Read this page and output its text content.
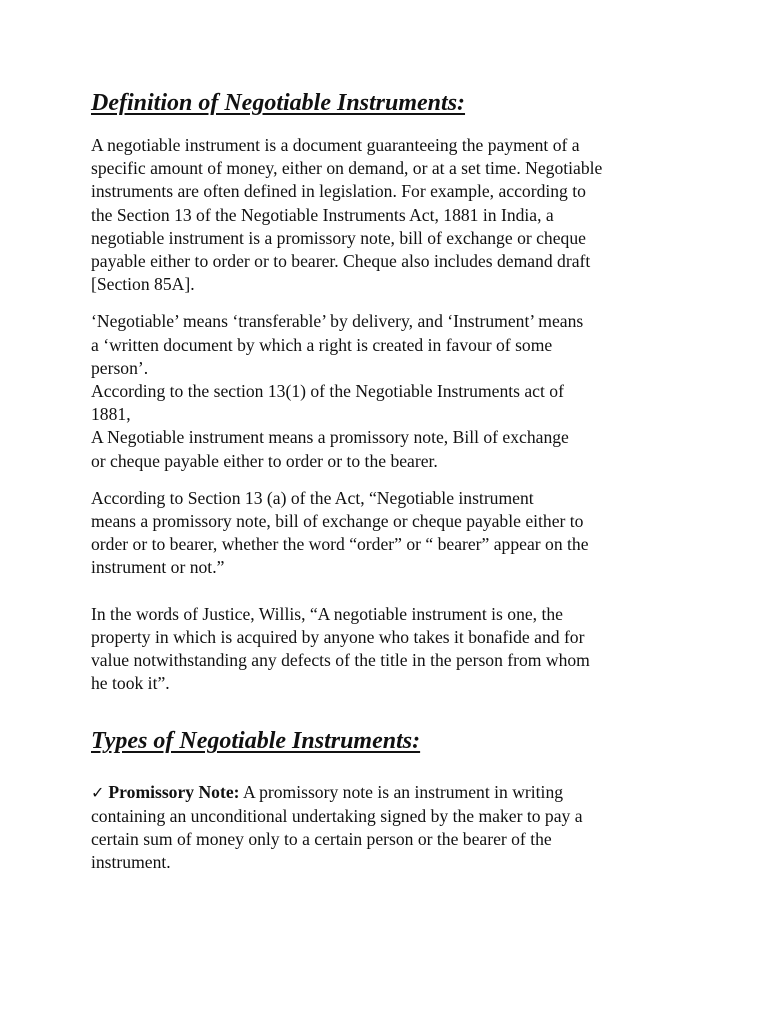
Definition of Negotiable Instruments:

A negotiable instrument is a document guaranteeing the payment of a
specific amount of money, either on demand, or at a set time. Negotiable
instruments are often defined in legislation. For example, according to
the Section 13 of the Negotiable Instruments Act, 1881 in India, a
negotiable instrument is a promissory note, bill of exchange or cheque
payable either to order or to bearer. Cheque also includes demand draft
[Section 85A].

‘Negotiable’ means ‘transferable’ by delivery, and ‘Instrument’ means
a ‘written document by which a right is created in favour of some
person’.
According to the section 13(1) of the Negotiable Instruments act of
1881,
A Negotiable instrument means a promissory note, Bill of exchange
or cheque payable either to order or to the bearer.

According to Section 13 (a) of the Act, “Negotiable instrument
means a promissory note, bill of exchange or cheque payable either to
order or to bearer, whether the word “order” or “ bearer” appear on the
instrument or not.”

In the words of Justice, Willis, “A negotiable instrument is one, the
property in which is acquired by anyone who takes it bonafide and for
value notwithstanding any defects of the title in the person from whom
he took it”.

Types of Negotiable Instruments:

✓ Promissory Note: A promissory note is an instrument in writing
containing an unconditional undertaking signed by the maker to pay a
certain sum of money only to a certain person or the bearer of the
instrument.
